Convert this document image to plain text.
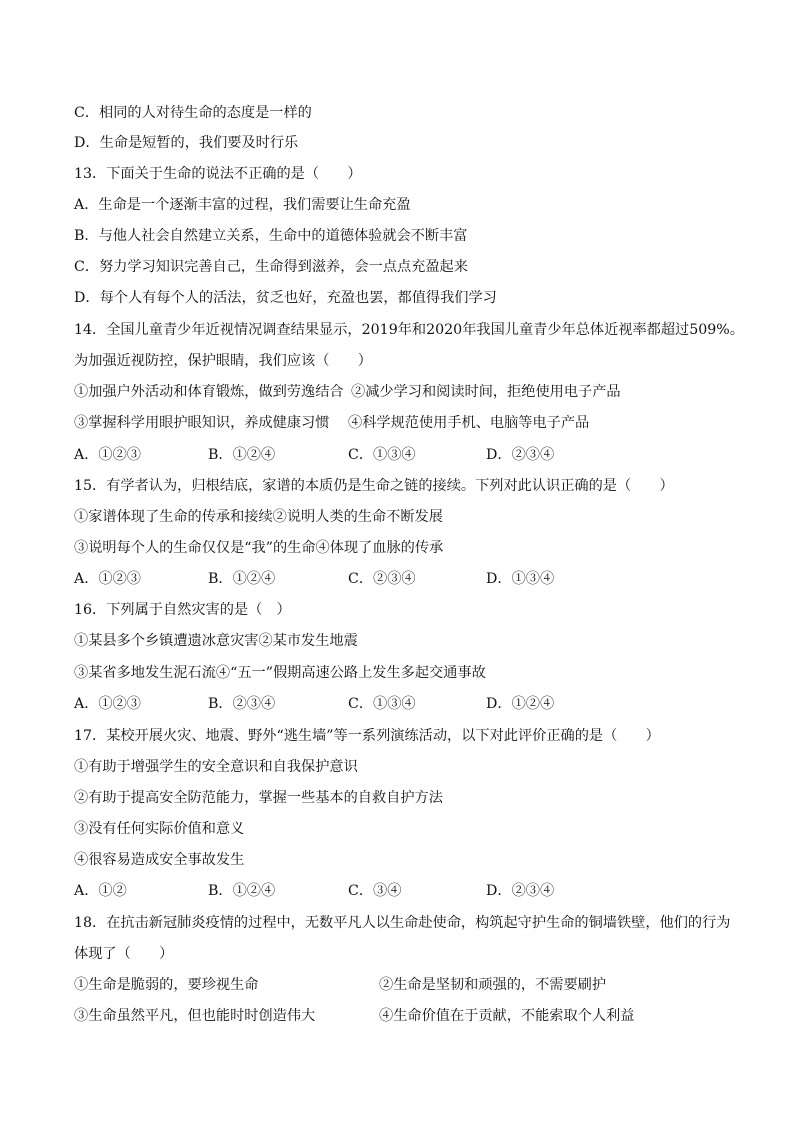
C．相同的人对待生命的态度是一样的
D．生命是短暂的，我们要及时行乐
13．下面关于生命的说法不正确的是（　　）
A．生命是一个逐渐丰富的过程，我们需要让生命充盈
B．与他人社会自然建立关系，生命中的道德体验就会不断丰富
C．努力学习知识完善自己，生命得到滋养，会一点点充盈起来
D．每个人有每个人的活法，贫乏也好，充盈也罢，都值得我们学习
14．全国儿童青少年近视情况调查结果显示，2019年和2020年我国儿童青少年总体近视率都超过509%。
为加强近视防控，保护眼睛，我们应该（　　）
①加强户外活动和体育锻炼，做到劳逸结合 ②减少学习和阅读时间，拒绝使用电子产品
③掌握科学用眼护眼知识，养成健康习惯 ④科学规范使用手机、电脑等电子产品
A．①②③	B．①②④	C．①③④	D．②③④
15．有学者认为，归根结底，家谱的本质仍是生命之链的接续。下列对此认识正确的是（　　）
①家谱体现了生命的传承和接续②说明人类的生命不断发展
③说明每个人的生命仅仅是“我”的生命④体现了血脉的传承
A．①②③	B．①②④	C．②③④	D．①③④
16．下列属于自然灾害的是（　）
①某县多个乡镇遭遗冰意灾害②某市发生地震
③某省多地发生泥石流④“五一”假期高速公路上发生多起交通事故
A．①②③	B．②③④	C．①③④	D．①②④
17．某校开展火灾、地震、野外“逃生墙”等一系列演练活动，以下对此评价正确的是（　　）
①有助于增强学生的安全意识和自我保护意识
②有助于提高安全防范能力，掌握一些基本的自救自护方法
③没有任何实际价值和意义
④很容易造成安全事故发生
A．①②	B．①②④	C．③④	D．②③④
18．在抗击新冠肺炎疫情的过程中，无数平凡人以生命赴使命，构筑起守护生命的铜墙铁壁，他们的行为
体现了（　　）
①生命是脆弱的，要珍视生命	②生命是坚韧和顽强的，不需要刷护
③生命虽然平凡，但也能时时创造伟大	④生命价值在于贡献，不能索取个人利益
